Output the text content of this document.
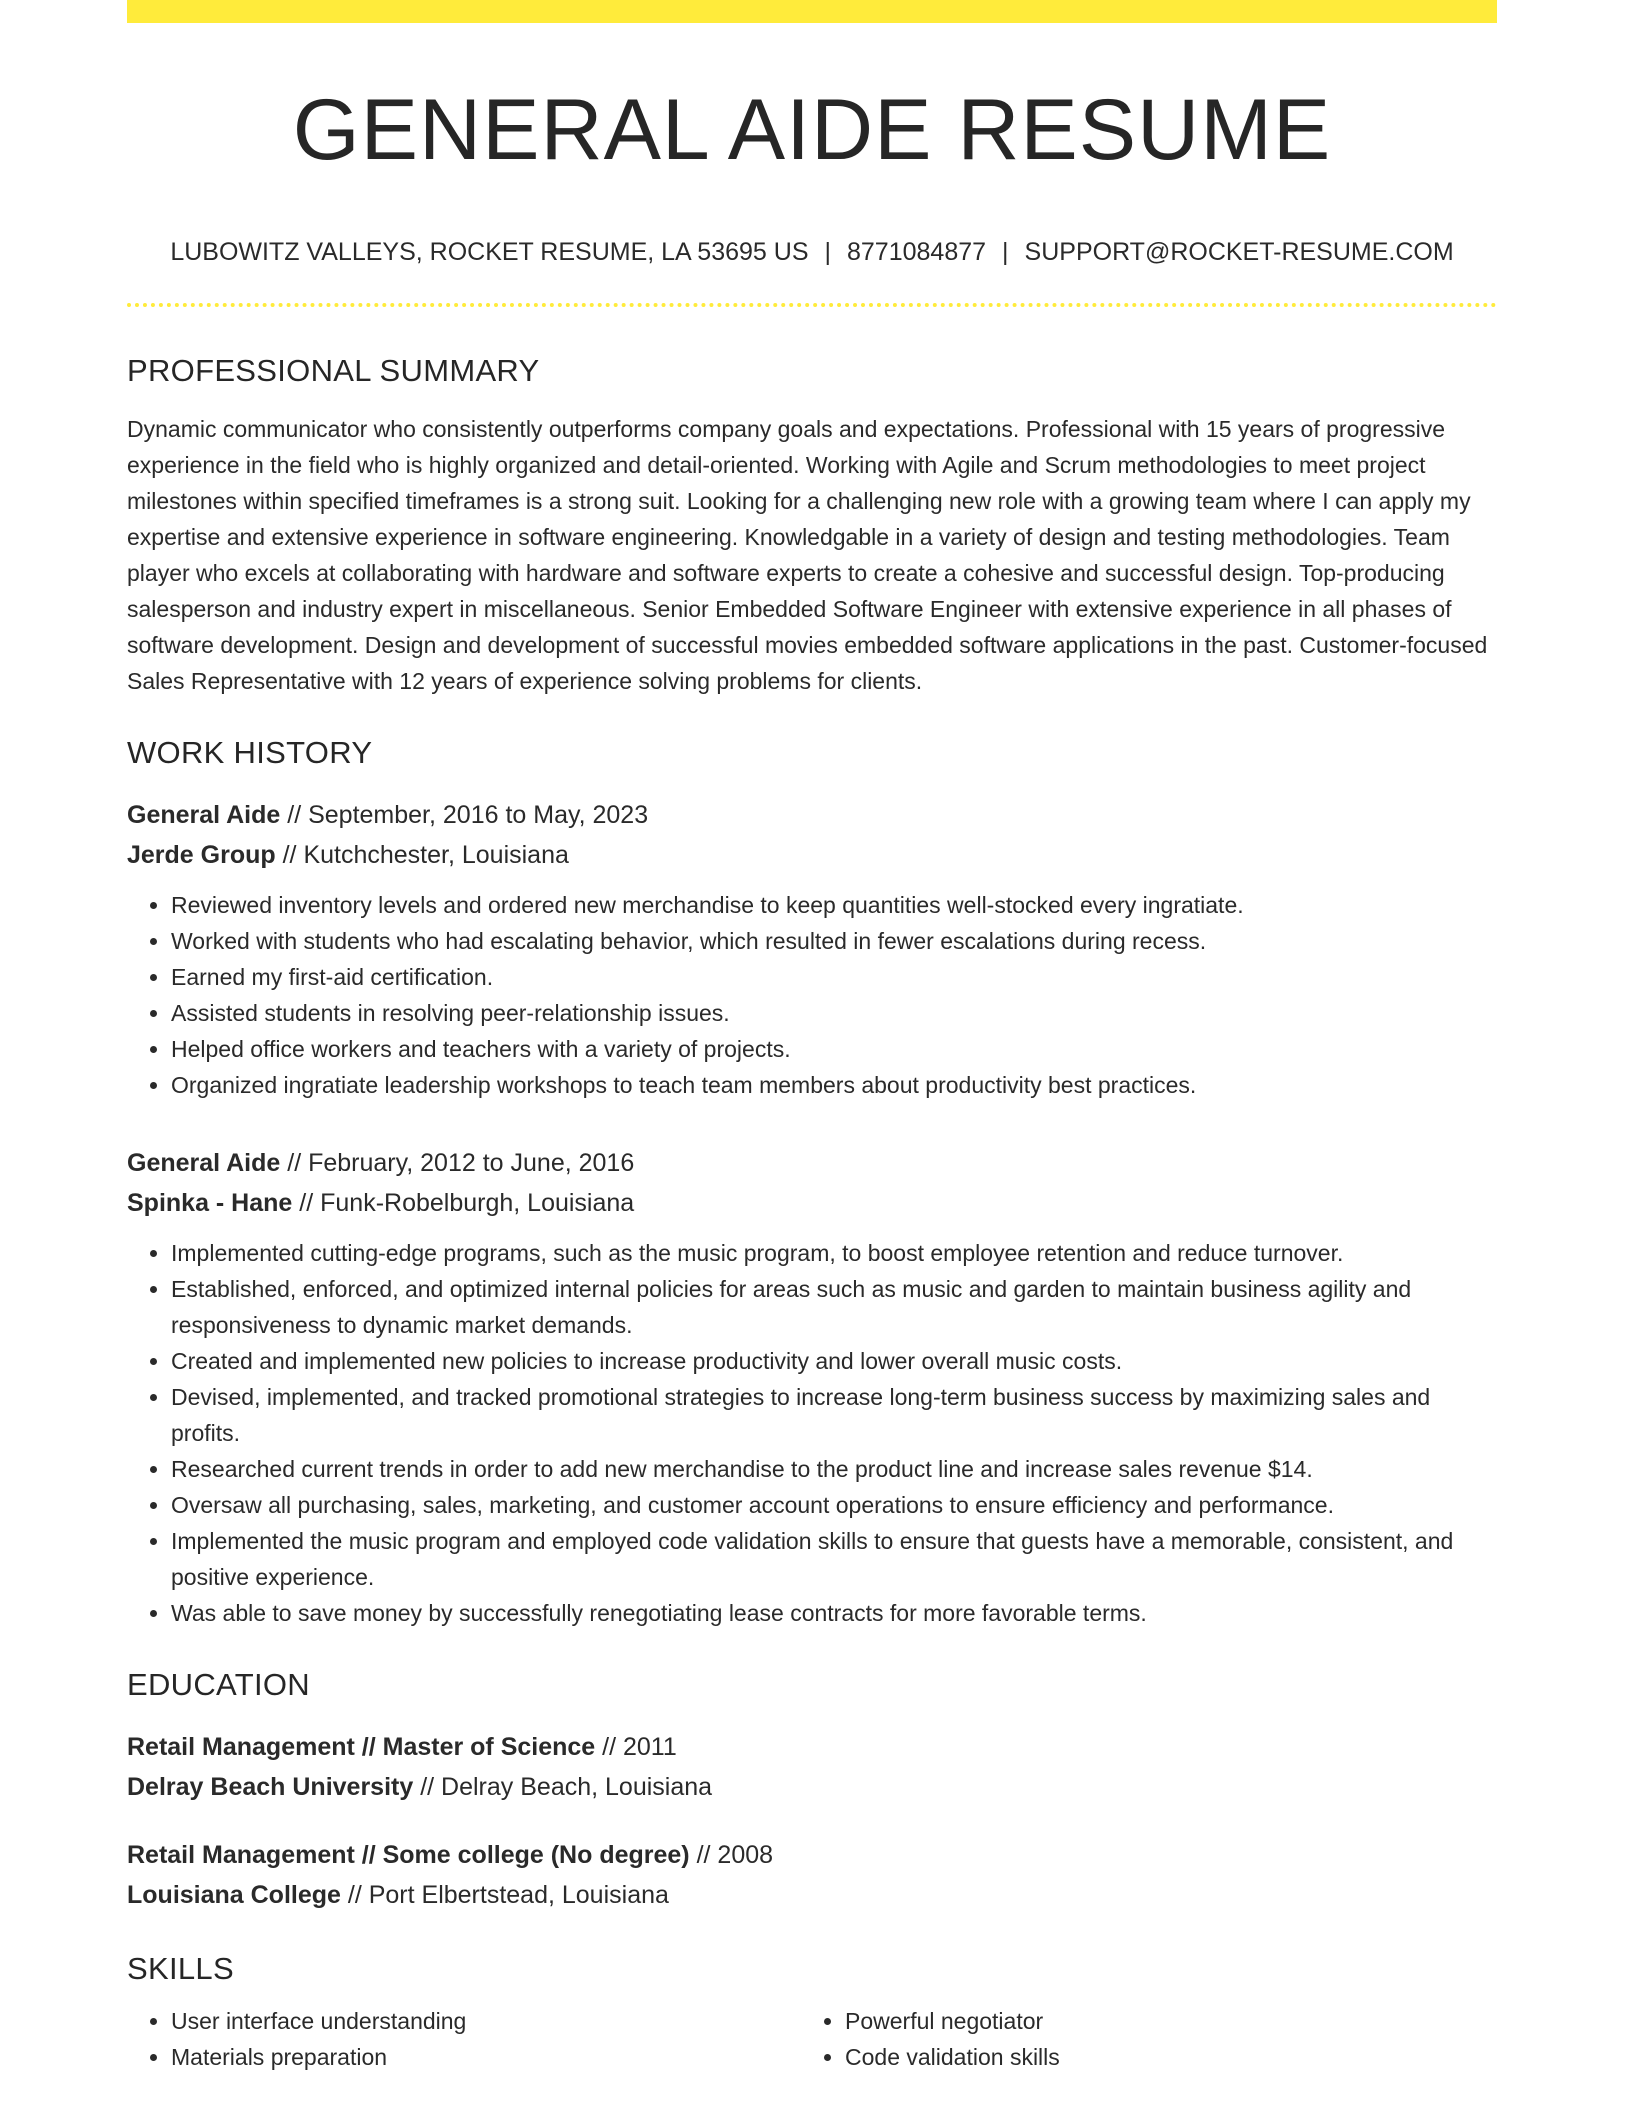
GENERAL AIDE RESUME
LUBOWITZ VALLEYS, ROCKET RESUME, LA 53695 US | 8771084877 | SUPPORT@ROCKET-RESUME.COM
PROFESSIONAL SUMMARY
Dynamic communicator who consistently outperforms company goals and expectations. Professional with 15 years of progressive experience in the field who is highly organized and detail-oriented. Working with Agile and Scrum methodologies to meet project milestones within specified timeframes is a strong suit. Looking for a challenging new role with a growing team where I can apply my expertise and extensive experience in software engineering. Knowledgable in a variety of design and testing methodologies. Team player who excels at collaborating with hardware and software experts to create a cohesive and successful design. Top-producing salesperson and industry expert in miscellaneous. Senior Embedded Software Engineer with extensive experience in all phases of software development. Design and development of successful movies embedded software applications in the past. Customer-focused Sales Representative with 12 years of experience solving problems for clients.
WORK HISTORY
General Aide // September, 2016 to May, 2023
Jerde Group // Kutchchester, Louisiana
• Reviewed inventory levels and ordered new merchandise to keep quantities well-stocked every ingratiate.
• Worked with students who had escalating behavior, which resulted in fewer escalations during recess.
• Earned my first-aid certification.
• Assisted students in resolving peer-relationship issues.
• Helped office workers and teachers with a variety of projects.
• Organized ingratiate leadership workshops to teach team members about productivity best practices.
General Aide // February, 2012 to June, 2016
Spinka - Hane // Funk-Robelburgh, Louisiana
• Implemented cutting-edge programs, such as the music program, to boost employee retention and reduce turnover.
• Established, enforced, and optimized internal policies for areas such as music and garden to maintain business agility and responsiveness to dynamic market demands.
• Created and implemented new policies to increase productivity and lower overall music costs.
• Devised, implemented, and tracked promotional strategies to increase long-term business success by maximizing sales and profits.
• Researched current trends in order to add new merchandise to the product line and increase sales revenue $14.
• Oversaw all purchasing, sales, marketing, and customer account operations to ensure efficiency and performance.
• Implemented the music program and employed code validation skills to ensure that guests have a memorable, consistent, and positive experience.
• Was able to save money by successfully renegotiating lease contracts for more favorable terms.
EDUCATION
Retail Management // Master of Science // 2011
Delray Beach University // Delray Beach, Louisiana
Retail Management // Some college (No degree) // 2008
Louisiana College // Port Elbertstead, Louisiana
SKILLS
• User interface understanding
• Materials preparation
• Powerful negotiator
• Code validation skills
